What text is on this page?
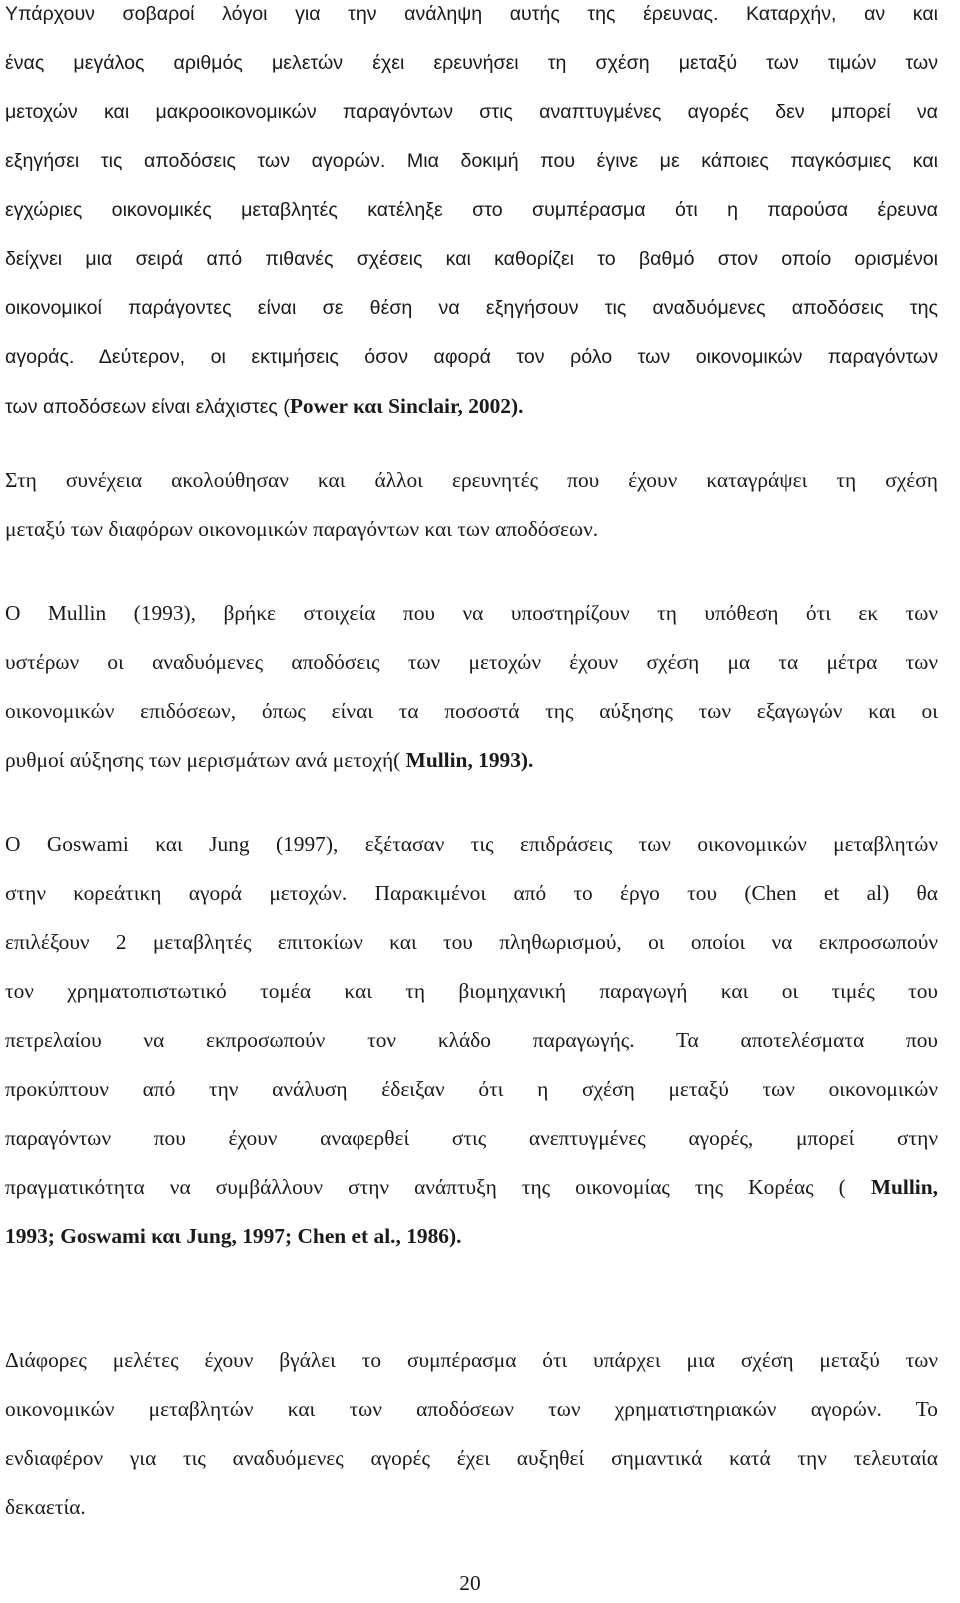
Υπάρχουν σοβαροί λόγοι για την ανάληψη αυτής της έρευνας. Καταρχήν, αν και
ένας μεγάλος αριθμός μελετών έχει ερευνήσει τη σχέση μεταξύ των τιμών των
μετοχών και μακροοικονομικών παραγόντων στις αναπτυγμένες αγορές δεν μπορεί να
εξηγήσει τις αποδόσεις των αγορών. Μια δοκιμή που έγινε με κάποιες παγκόσμιες και
εγχώριες οικονομικές μεταβλητές κατέληξε στο συμπέρασμα ότι η παρούσα έρευνα
δείχνει μια σειρά από πιθανές σχέσεις και καθορίζει το βαθμό στον οποίο ορισμένοι
οικονομικοί παράγοντες είναι σε θέση να εξηγήσουν τις αναδυόμενες αποδόσεις της
αγοράς. Δεύτερον, οι εκτιμήσεις όσον αφορά τον ρόλο των οικονομικών παραγόντων
των αποδόσεων είναι ελάχιστες (Power και Sinclair, 2002).

Στη συνέχεια ακολούθησαν και άλλοι ερευνητές που έχουν καταγράψει τη σχέση
μεταξύ των διαφόρων οικονομικών παραγόντων και των αποδόσεων.

Ο Mullin (1993), βρήκε στοιχεία που να υποστηρίζουν τη υπόθεση ότι εκ των
υστέρων οι αναδυόμενες αποδόσεις των μετοχών έχουν σχέση μα τα μέτρα των
οικονομικών επιδόσεων, όπως είναι τα ποσοστά της αύξησης των εξαγωγών και οι
ρυθμοί αύξησης των μερισμάτων ανά μετοχή( Mullin, 1993).

Ο Goswami και Jung (1997), εξέτασαν τις επιδράσεις των οικονομικών μεταβλητών
στην κορεάτικη αγορά μετοχών. Παρακιμένοι από το έργο του (Chen et al) θα
επιλέξουν 2 μεταβλητές επιτοκίων και του πληθωρισμού, οι οποίοι να εκπροσωπούν
τον χρηματοπιστωτικό τομέα και τη βιομηχανική παραγωγή και οι τιμές του
πετρελαίου να εκπροσωπούν τον κλάδο παραγωγής. Τα αποτελέσματα που
προκύπτουν από την ανάλυση έδειξαν ότι η σχέση μεταξύ των οικονομικών
παραγόντων που έχουν αναφερθεί στις ανεπτυγμένες αγορές, μπορεί στην
πραγματικότητα να συμβάλλουν στην ανάπτυξη της οικονομίας της Κορέας ( Mullin,
1993; Goswami και Jung, 1997; Chen et al., 1986).

Διάφορες μελέτες έχουν βγάλει το συμπέρασμα ότι υπάρχει μια σχέση μεταξύ των
οικονομικών μεταβλητών και των αποδόσεων των χρηματιστηριακών αγορών. Το
ενδιαφέρον για τις αναδυόμενες αγορές έχει αυξηθεί σημαντικά κατά την τελευταία
δεκαετία.

20
